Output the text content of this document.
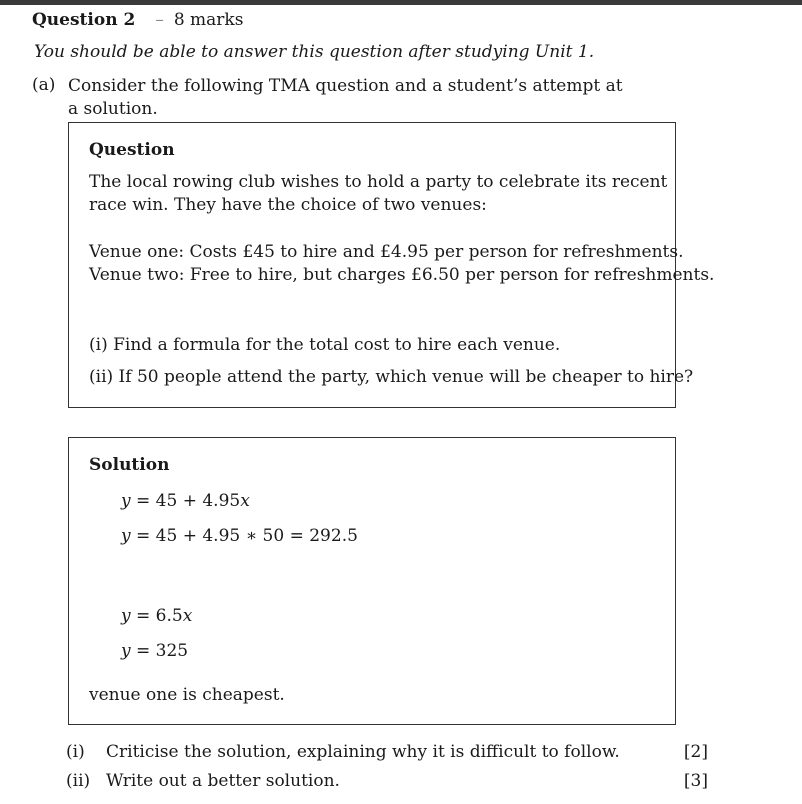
Question 2 – 8 marks
You should be able to answer this question after studying Unit 1.
(a) Consider the following TMA question and a student’s attempt at a solution.
Question
The local rowing club wishes to hold a party to celebrate its recent
race win. They have the choice of two venues:
Venue one: Costs £45 to hire and £4.95 per person for refreshments.
Venue two: Free to hire, but charges £6.50 per person for refreshments.
(i) Find a formula for the total cost to hire each venue.
(ii) If 50 people attend the party, which venue will be cheaper to hire?
Solution
y = 45 + 4.95x
y = 45 + 4.95 ∗ 50 = 292.5
y = 6.5x
y = 325
venue one is cheapest.
(i) Criticise the solution, explaining why it is difficult to follow.	[2]
(ii) Write out a better solution.	[3]
